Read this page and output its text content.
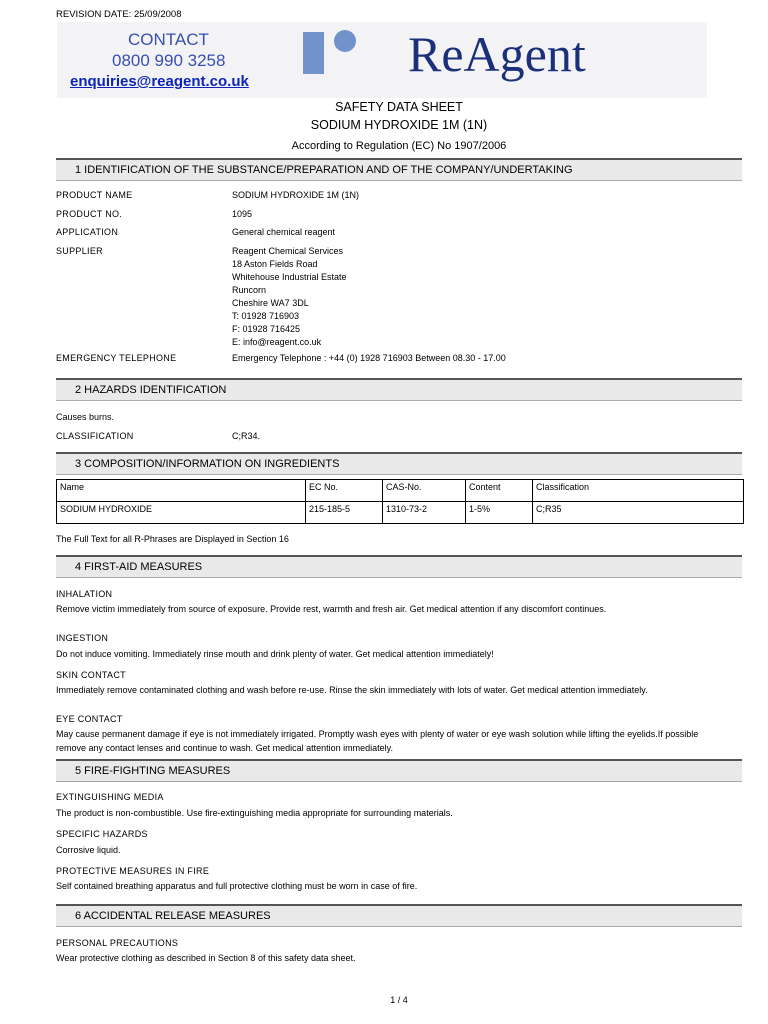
REVISION DATE: 25/09/2008
CONTACT
0800 990 3258
enquiries@reagent.co.uk	ReAgent
SAFETY DATA SHEET
SODIUM HYDROXIDE 1M (1N)
According to Regulation (EC) No 1907/2006
1 IDENTIFICATION OF THE SUBSTANCE/PREPARATION AND OF THE COMPANY/UNDERTAKING
PRODUCT NAME	SODIUM HYDROXIDE 1M (1N)
PRODUCT NO.	1095
APPLICATION	General chemical reagent
SUPPLIER	Reagent Chemical Services
18 Aston Fields Road
Whitehouse Industrial Estate
Runcorn
Cheshire WA7 3DL
T: 01928 716903
F: 01928 716425
E: info@reagent.co.uk
EMERGENCY TELEPHONE	Emergency Telephone : +44 (0) 1928 716903 Between 08.30 - 17.00
2 HAZARDS IDENTIFICATION
Causes burns.
CLASSIFICATION	C;R34.
3 COMPOSITION/INFORMATION ON INGREDIENTS
Name	EC No.	CAS-No.	Content	Classification
SODIUM HYDROXIDE	215-185-5	1310-73-2	1-5%	C;R35
The Full Text for all R-Phrases are Displayed in Section 16
4 FIRST-AID MEASURES
INHALATION
Remove victim immediately from source of exposure. Provide rest, warmth and fresh air. Get medical attention if any discomfort continues.
INGESTION
Do not induce vomiting. Immediately rinse mouth and drink plenty of water. Get medical attention immediately!
SKIN CONTACT
Immediately remove contaminated clothing and wash before re-use. Rinse the skin immediately with lots of water. Get medical attention immediately.
EYE CONTACT
May cause permanent damage if eye is not immediately irrigated. Promptly wash eyes with plenty of water or eye wash solution while lifting the eyelids.If possible remove any contact lenses and continue to wash. Get medical attention immediately.
5 FIRE-FIGHTING MEASURES
EXTINGUISHING MEDIA
The product is non-combustible. Use fire-extinguishing media appropriate for surrounding materials.
SPECIFIC HAZARDS
Corrosive liquid.
PROTECTIVE MEASURES IN FIRE
Self contained breathing apparatus and full protective clothing must be worn in case of fire.
6 ACCIDENTAL RELEASE MEASURES
PERSONAL PRECAUTIONS
Wear protective clothing as described in Section 8 of this safety data sheet.
1 / 4
